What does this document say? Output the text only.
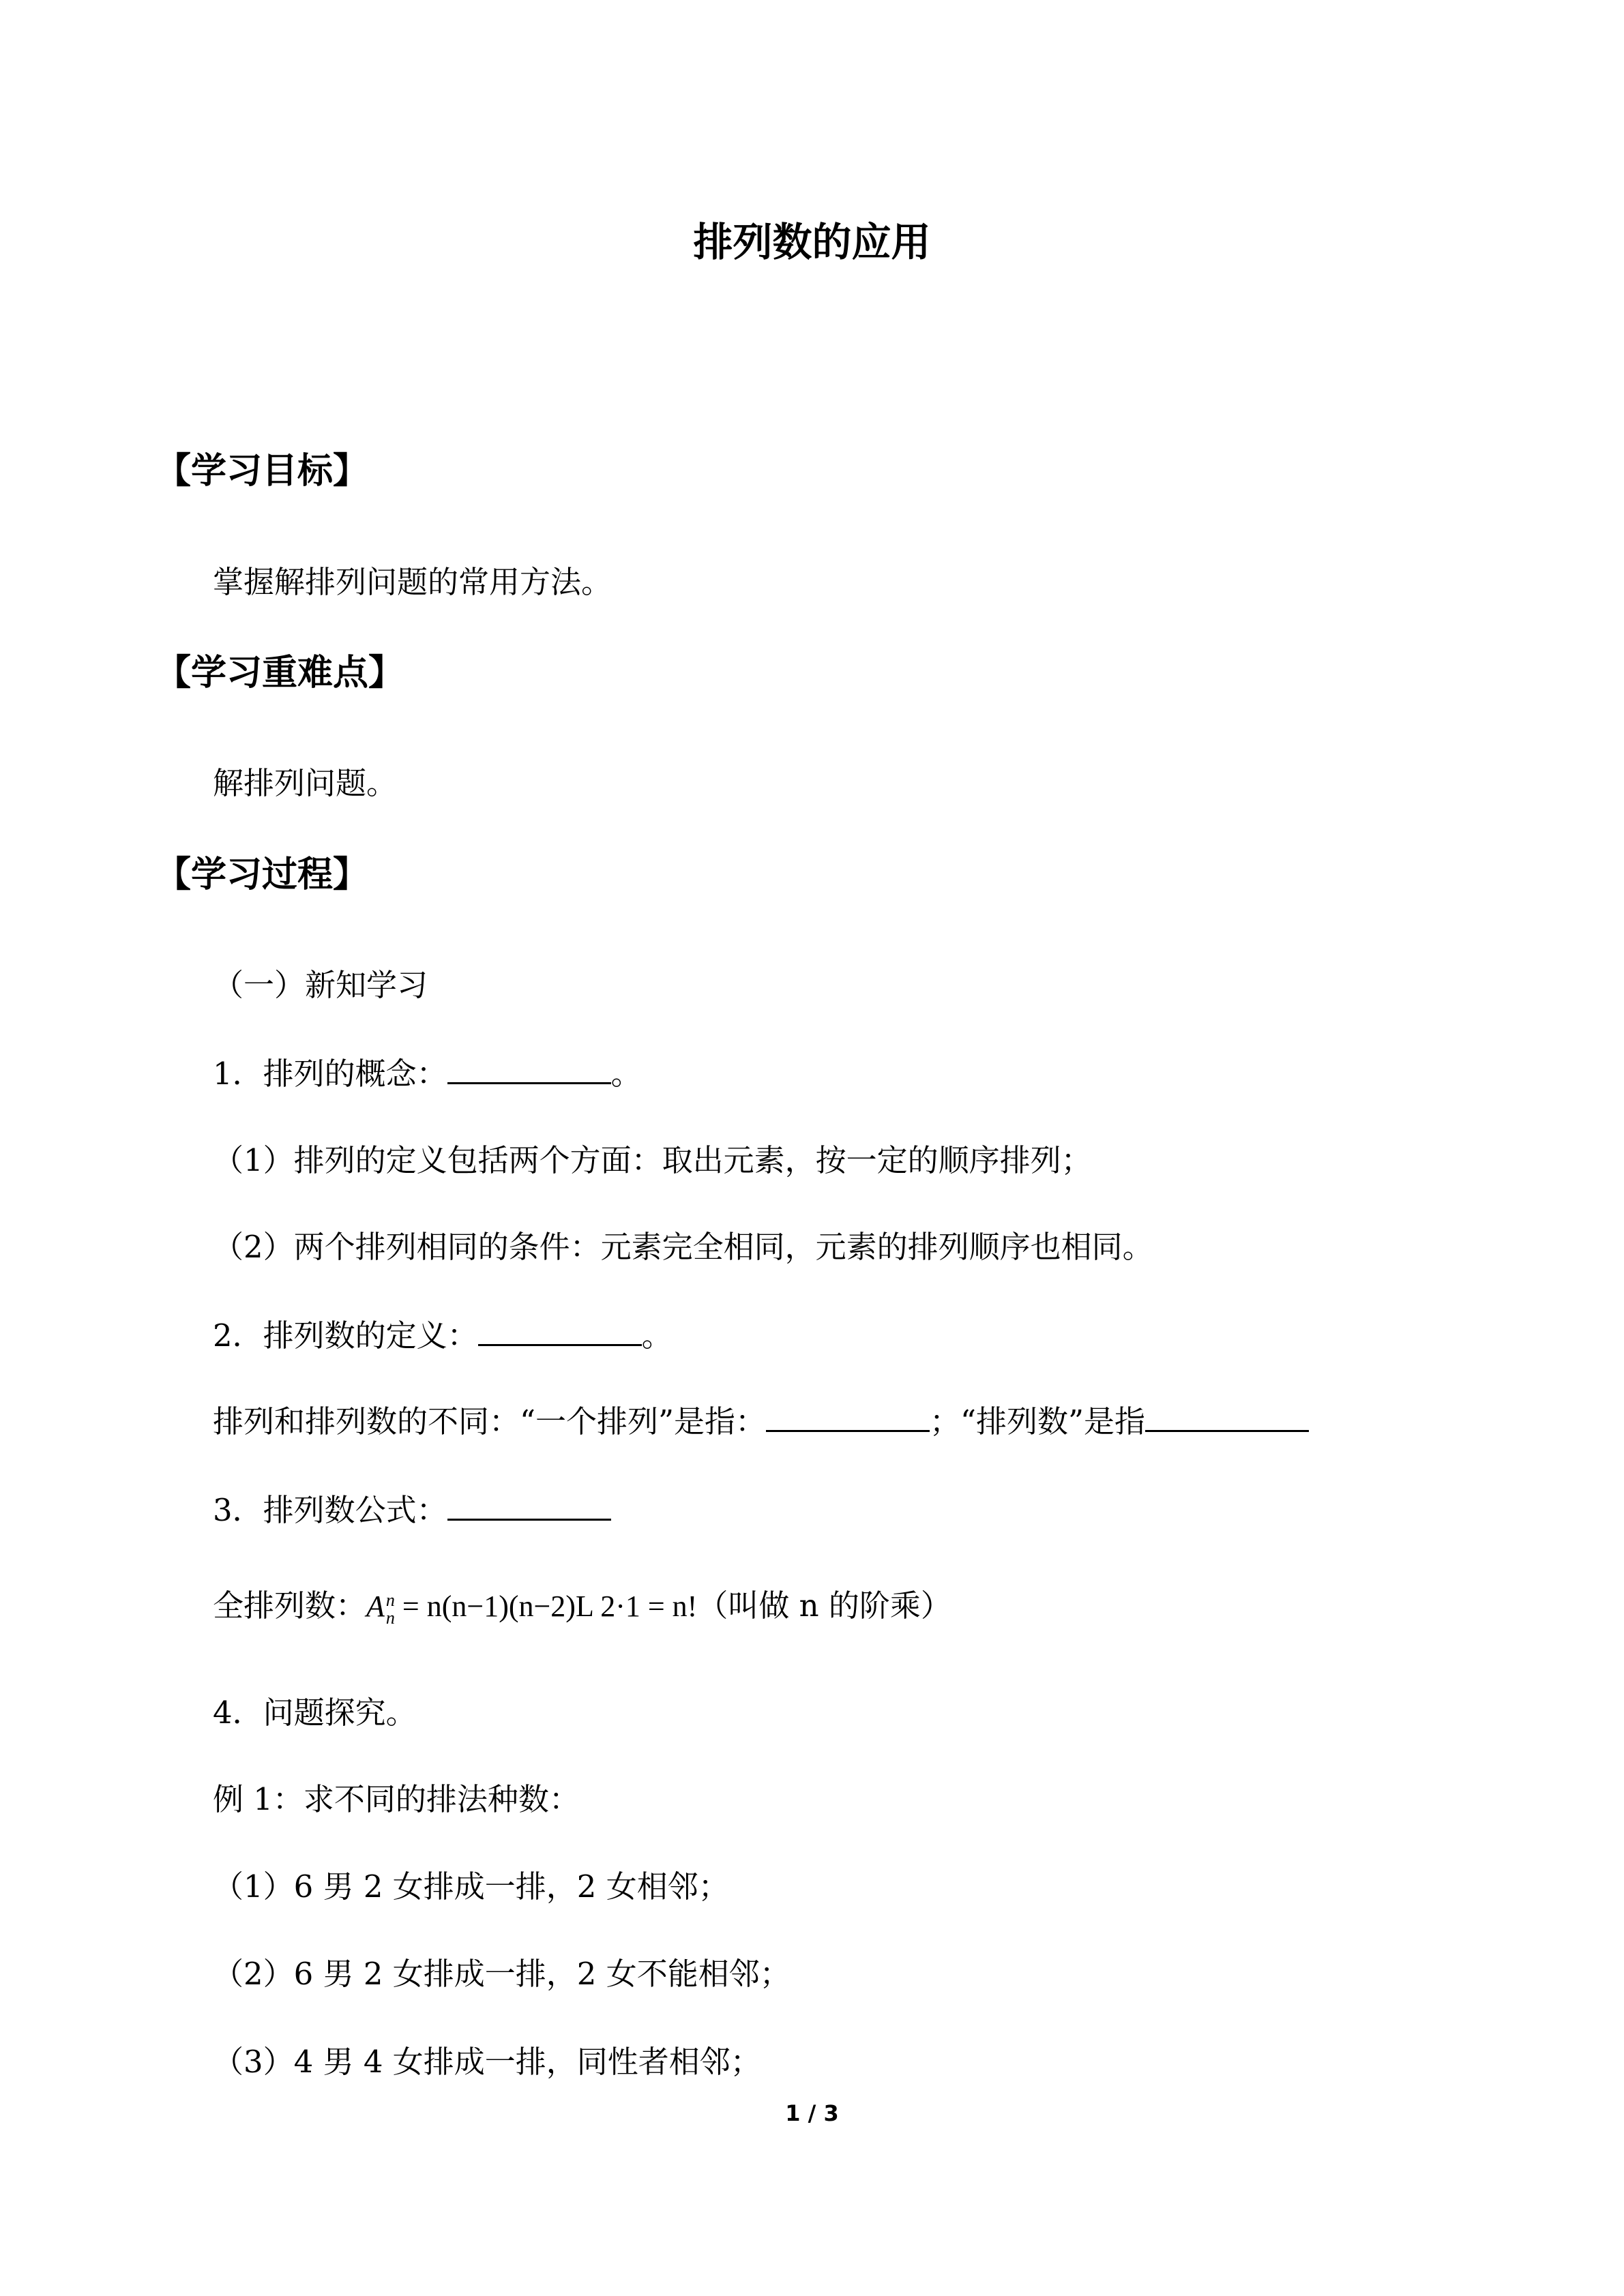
排列数的应用
【学习目标】
掌握解排列问题的常用方法。
【学习重难点】
解排列问题。
【学习过程】
（一）新知学习
1．排列的概念：	。
（1）排列的定义包括两个方面：取出元素，按一定的顺序排列；
（2）两个排列相同的条件：元素完全相同，元素的排列顺序也相同。
2．排列数的定义：	。
排列和排列数的不同：“一个排列”是指：	；“排列数”是指
3．排列数公式：
全排列数：A n
n = n(n−1)(n−2)L 2·1 = n!（叫做 n 的阶乘）
4．问题探究。
例 1：求不同的排法种数：
（1）6 男 2 女排成一排，2 女相邻；
（2）6 男 2 女排成一排，2 女不能相邻；
（3）4 男 4 女排成一排，同性者相邻；
1 / 3
